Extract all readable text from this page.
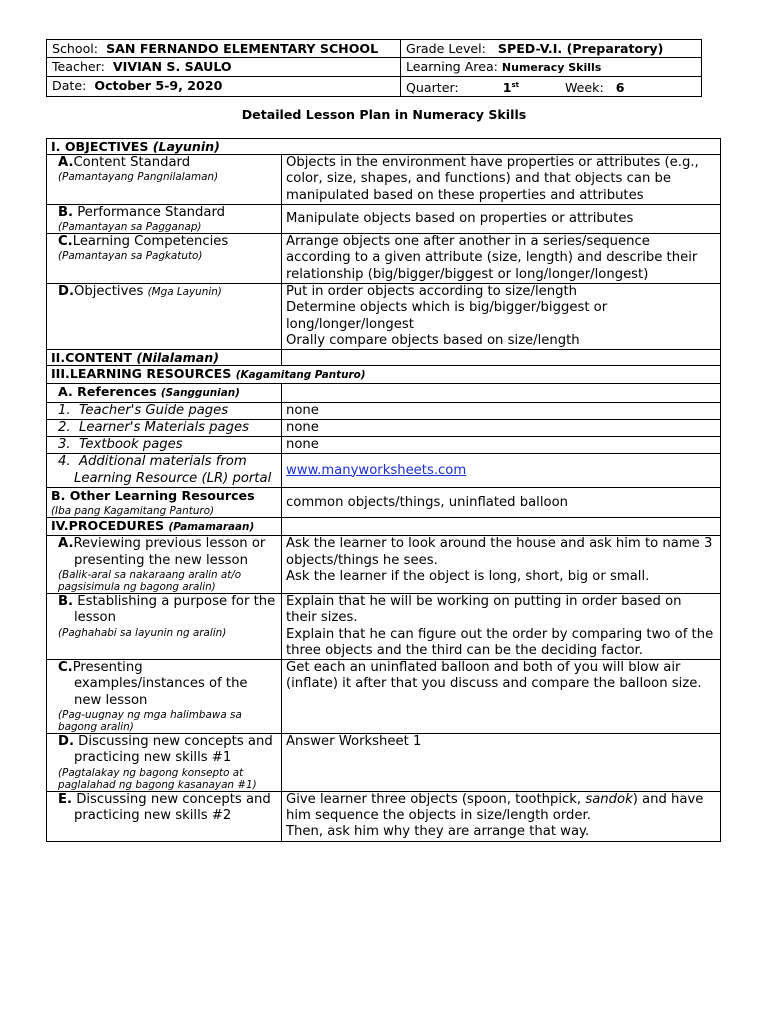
School: SAN FERNANDO ELEMENTARY SCHOOL	Grade Level: SPED-V.I. (Preparatory)
Teacher: VIVIAN S. SAULO	Learning Area: Numeracy Skills
Date: October 5-9, 2020	Quarter: 1st Week: 6
Detailed Lesson Plan in Numeracy Skills
I. OBJECTIVES (Layunin)	
A.Content Standard
(Pamantayang Pangnilalaman)	Objects in the environment have properties or attributes (e.g., color, size, shapes, and functions) and that objects can be manipulated based on these properties and attributes
B. Performance Standard
(Pamantayan sa Pagganap)	Manipulate objects based on properties or attributes
C.Learning Competencies
(Pamantayan sa Pagkatuto)	Arrange objects one after another in a series/sequence according to a given attribute (size, length) and describe their relationship (big/bigger/biggest or long/longer/longest)
D.Objectives (Mga Layunin)	Put in order objects according to size/length
Determine objects which is big/bigger/biggest or long/longer/longest
Orally compare objects based on size/length

II.CONTENT (Nilalaman)	
III.LEARNING RESOURCES (Kagamitang Panturo)	
A. References (Sanggunian)	
1. Teacher's Guide pages	none
2. Learner's Materials pages	none
3. Textbook pages	none

4. Additional materials from Learning Resource (LR) portal	www.manyworksheets.com
B. Other Learning Resources
(Iba pang Kagamitang Panturo)	common objects/things, uninflated balloon
IV.PROCEDURES (Pamamaraan)	

A.Reviewing previous lesson or presenting the new lesson
(Balik-aral sa nakaraang aralin at/o pagsisimula ng bagong aralin)	Ask the learner to look around the house and ask him to name 3 objects/things he sees.
Ask the learner if the object is long, short, big or small.

B. Establishing a purpose for the lesson
(Paghahabi sa layunin ng aralin)	Explain that he will be working on putting in order based on their sizes.
Explain that he can figure out the order by comparing two of the three objects and the third can be the deciding factor.

C.Presenting examples/instances of the new lesson
(Pag-uugnay ng mga halimbawa sa bagong aralin)	Get each an uninflated balloon and both of you will blow air (inflate) it after that you discuss and compare the balloon size.

D. Discussing new concepts and practicing new skills #1
(Pagtalakay ng bagong konsepto at paglalahad ng bagong kasanayan #1)	Answer Worksheet 1

E. Discussing new concepts and practicing new skills #2	Give learner three objects (spoon, toothpick, sandok) and have him sequence the objects in size/length order.
Then, ask him why they are arrange that way.
